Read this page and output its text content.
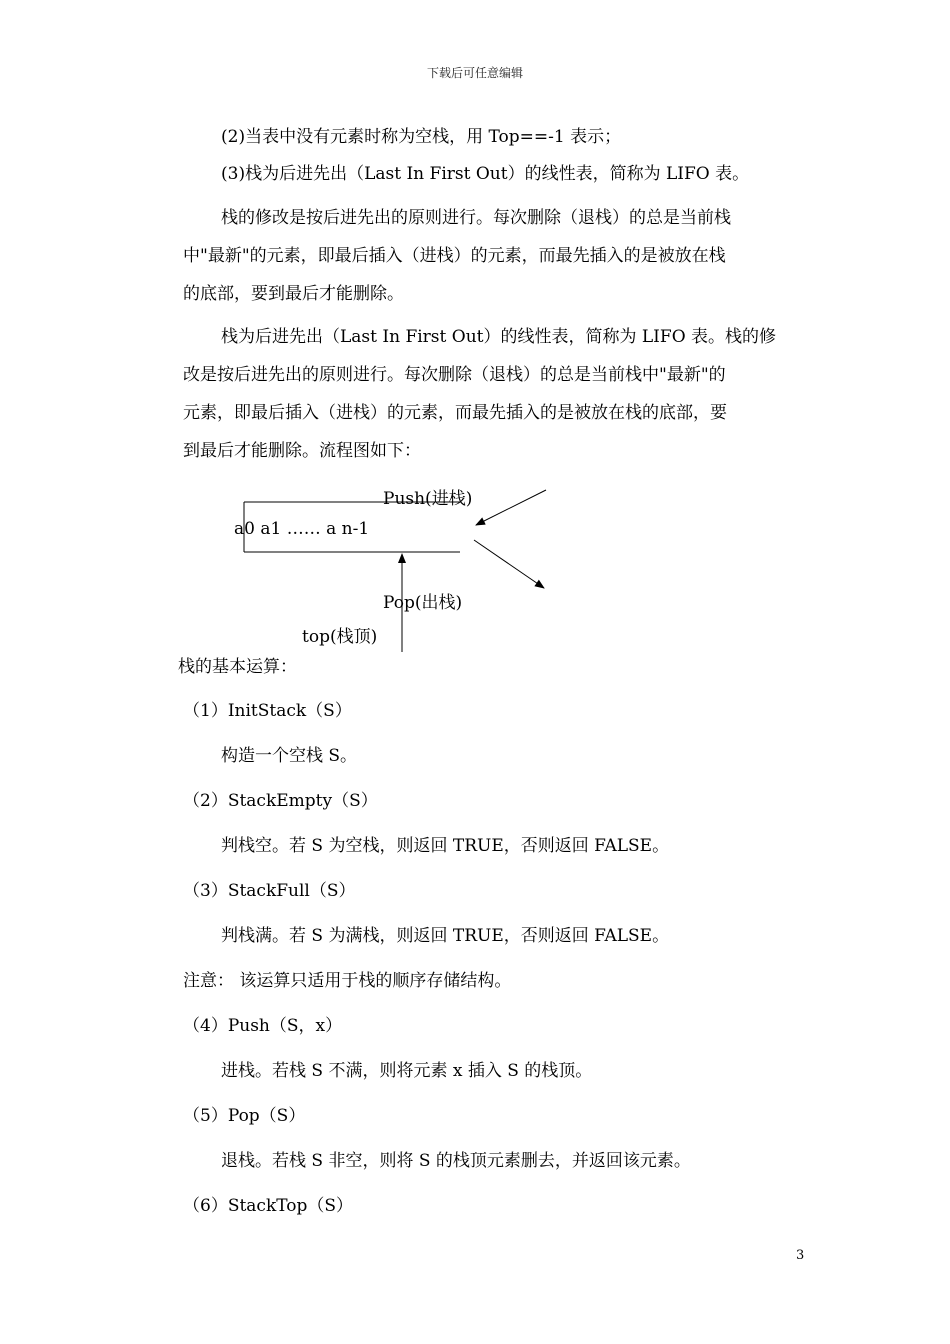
下载后可任意编辑
(2)当表中没有元素时称为空栈，用 Top==-1 表示；
(3)栈为后进先出（Last In First Out）的线性表，简称为 LIFO 表。
栈的修改是按后进先出的原则进行。每次删除（退栈）的总是当前栈
中"最新"的元素，即最后插入（进栈）的元素，而最先插入的是被放在栈
的底部，要到最后才能删除。
栈为后进先出（Last In First Out）的线性表，简称为 LIFO 表。栈的修
改是按后进先出的原则进行。每次删除（退栈）的总是当前栈中"最新"的
元素，即最后插入（进栈）的元素，而最先插入的是被放在栈的底部，要
到最后才能删除。流程图如下：
Push(进栈)
a0 a1 …… a n-1
Pop(出栈)
top(栈顶)
栈的基本运算：
（1）InitStack（S）
构造一个空栈 S。
（2）StackEmpty（S）
判栈空。若 S 为空栈，则返回 TRUE，否则返回 FALSE。
（3）StackFull（S）
判栈满。若 S 为满栈，则返回 TRUE，否则返回 FALSE。
注意： 该运算只适用于栈的顺序存储结构。
（4）Push（S，x）
进栈。若栈 S 不满，则将元素 x 插入 S 的栈顶。
（5）Pop（S）
退栈。若栈 S 非空，则将 S 的栈顶元素删去，并返回该元素。
（6）StackTop（S）
3
